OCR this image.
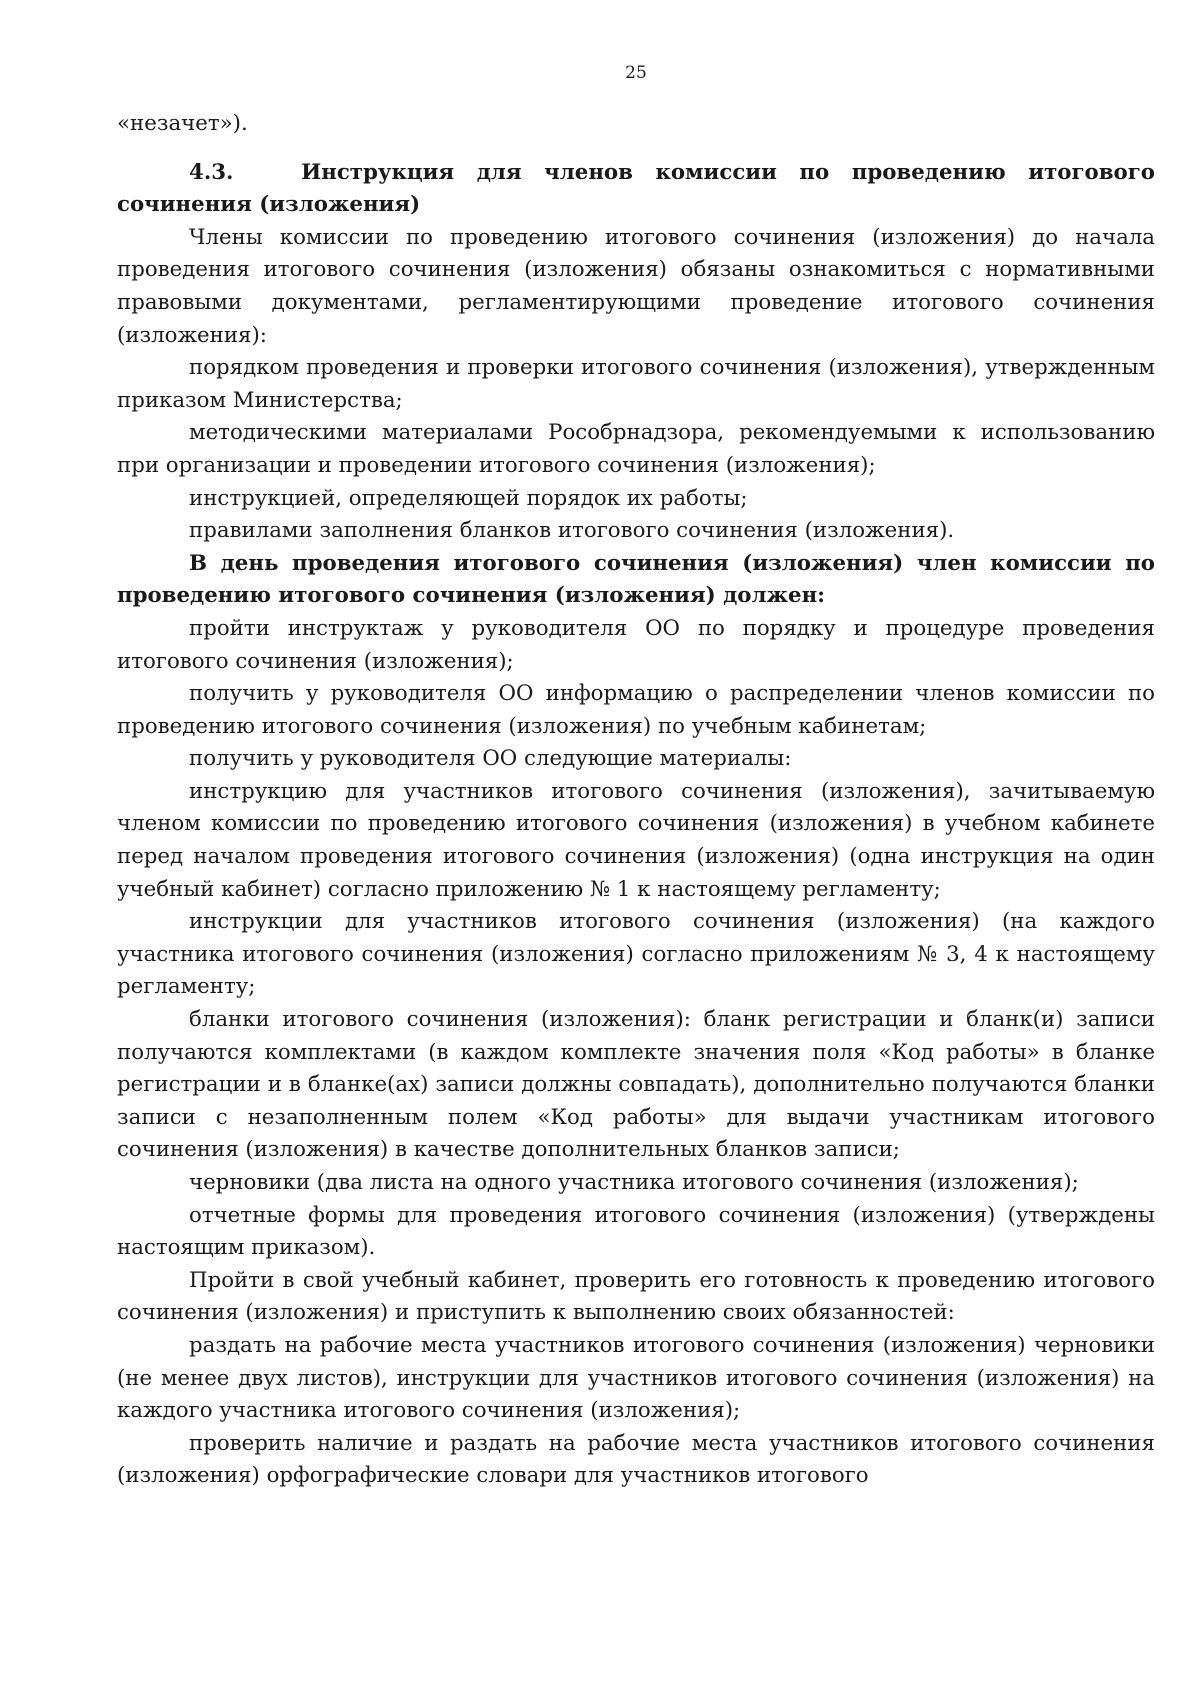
25

«незачет»).

4.3.	Инструкция для членов комиссии по проведению итогового сочинения (изложения)

Члены комиссии по проведению итогового сочинения (изложения) до начала проведения итогового сочинения (изложения) обязаны ознакомиться с нормативными правовыми документами, регламентирующими проведение итогового сочинения (изложения):

порядком проведения и проверки итогового сочинения (изложения), утвержденным приказом Министерства;

методическими материалами Рособрнадзора, рекомендуемыми к использованию при организации и проведении итогового сочинения (изложения);

инструкцией, определяющей порядок их работы;

правилами заполнения бланков итогового сочинения (изложения).

В день проведения итогового сочинения (изложения) член комиссии по проведению итогового сочинения (изложения) должен:

пройти инструктаж у руководителя ОО по порядку и процедуре проведения итогового сочинения (изложения);

получить у руководителя ОО информацию о распределении членов комиссии по проведению итогового сочинения (изложения) по учебным кабинетам;

получить у руководителя ОО следующие материалы:

инструкцию для участников итогового сочинения (изложения), зачитываемую членом комиссии по проведению итогового сочинения (изложения) в учебном кабинете перед началом проведения итогового сочинения (изложения) (одна инструкция на один учебный кабинет) согласно приложению № 1 к настоящему регламенту;

инструкции для участников итогового сочинения (изложения) (на каждого участника итогового сочинения (изложения) согласно приложениям № 3, 4 к настоящему регламенту;

бланки итогового сочинения (изложения): бланк регистрации и бланк(и) записи получаются комплектами (в каждом комплекте значения поля «Код работы» в бланке регистрации и в бланке(ах) записи должны совпадать), дополнительно получаются бланки записи с незаполненным полем «Код работы» для выдачи участникам итогового сочинения (изложения) в качестве дополнительных бланков записи;

черновики (два листа на одного участника итогового сочинения (изложения);

отчетные формы для проведения итогового сочинения (изложения) (утверждены настоящим приказом).

Пройти в свой учебный кабинет, проверить его готовность к проведению итогового сочинения (изложения) и приступить к выполнению своих обязанностей:

раздать на рабочие места участников итогового сочинения (изложения) черновики (не менее двух листов), инструкции для участников итогового сочинения (изложения) на каждого участника итогового сочинения (изложения);

проверить наличие и раздать на рабочие места участников итогового сочинения (изложения) орфографические словари для участников итогового
